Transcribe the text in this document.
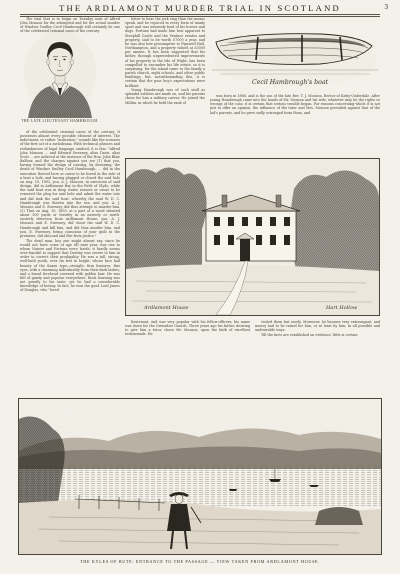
THE ARDLAMONT MURDER TRIAL IN SCOTLAND	3
Photo by Kirkby Smith, Harrogate
THE LATE LIEUTENANT HAMBROUGH.

The trial that is to begin on Tuesday next of Alfred John Monson for the attempted and for the actual murder of Windsor Dudley Cecil Hambrough will certainly be one of the celebrated criminal cases of the century.

letter to hear the jerk sing than the means speak, and he rejoiced in every form of manly sport and was intensely fond of his horses and dogs. Fortune had made him heir apparent to Steephill Castle and the Ventnor estates and property, said to be worth £7000 a year, and he was also heir presumptive to Pipewell Hall, Northampton, and a property valued at £3000 per annum. It has been suggested that his father, through unprecedented improvements of his property in the Isle of Wight, has been compelled to encumber his life estate, so it is surprising, for the island came to the family a parish church, eight schools, and other public buildings, but, notwithstanding this, it is certain that the poor boy's expectations were brilliant.

Young Hambrough was of such stuff as splendid soldiers are made on, and his parents chose for him a military career. He joined the Militia, in which he held the rank of

Cecil Hambrough's boat

was born in 1868, and is the son of the late Rev. T. J. Monson, Rector of Kirby-Underdale. After young Hambrough came into the hands of Mr. Monson and his wife, whatever may be the rights or wrongs of the case, it is certain that serious trouble began. For reasons concerning which it is not just to offer an opinion, the influence of the tutor and Mrs. Monson prevailed against that of the lad's parents, and he grew sadly estranged from them, and

of the celebrated criminal cases of the century. It possesses almost every possible element of interest. The indictment, or rather "indication," sounds like the scenario of the first act of a melodrama. With technical phrases and redundancies of legal language omitted, it is this: "Alfred John Monson ... and Edward Sweeney, alias Davis, alias Scott ... are indicted at the instance of the Hon. John Blair Balfour, and the charges against you are (1) that you, having formed the design of causing, by drowning, the death of Windsor Dudley Cecil Hambrough, ... did in the execution thereof bore or cause to be bored in the side of a boat a hole, and having plugged or closed the said hole on Aug. 10, 1893, you, A. J. Monson, in execution of said design, did in Ardlamont Bay in the Firth of Clyde, while the said boat was in deep water, remove or cause to be removed the plug for said hole and admit the water into and did sink the said boat, whereby the said W. D. C. Hambrough was thrown into the sea, and you, A. J. Monson and E. Sweeney, did thus attempt to murder him. (2) That on Aug. 10, 1893, at a part of a wood situated about 300 yards or thereby in an easterly or north-easterly direction from Ardlamont House, you, A. J. Monson and E. Sweeney, did shoot the said W. D. C. Hambrough and kill him, and did thus murder him, and you, E. Sweeney, being conscious of your guilt in the premises, did abscond and flee from justice."

The dead man, boy one might almost say, since he would not have come of age till next year, was one to whom Nature and Fortune were lavish; it hardly seems over-fanciful to suggest that Destiny was severe to him in order to correct their prodigality. He was a tall, strong, well-built youth, over six feet in height, whose face had beauty of the Saxon type—straight, firm features, fine eyes, with a charming individuality from their dark lashes, and a broad forehead crowned with golden hair. He was full of gaiety and popular everywhere. Book learning was not greatly to his taste, yet he had a considerable knowledge of botany. In fact, he won the good Lord James of Douglas, who "loved

Ardlamont House	Hart Hollow

lieutenant, and was very popular with his fellow-officers; his name was down for the Grenadier Guards. Three years ago his father, desiring to give him a tutor, chose Mr. Monson, upon the faith of excellent testimonials. He

visited them but rarely. Moreover, he became very extravagant, and money had to be raised for him, or at least by him, in all possible and undesirable ways.

Till the facts are established on evidence, little is certain

THE KYLES OF BUTE: ENTRANCE TO THE PASSAGE — VIEW TAKEN FROM ARDLAMONT HOUSE.
